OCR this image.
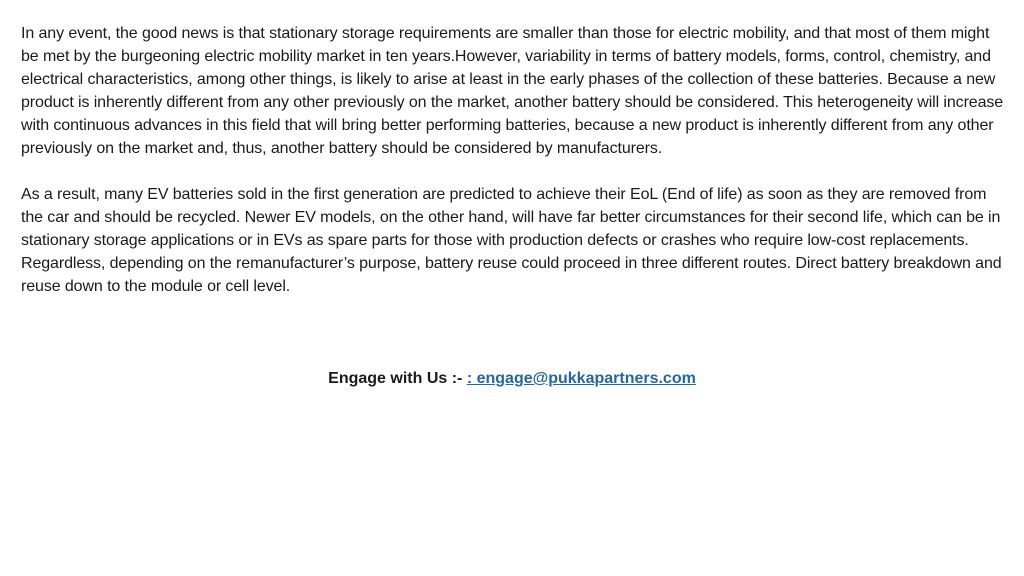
In any event, the good news is that stationary storage requirements are smaller than those for electric mobility, and that most of them might be met by the burgeoning electric mobility market in ten years.However, variability in terms of battery models, forms, control, chemistry, and electrical characteristics, among other things, is likely to arise at least in the early phases of the collection of these batteries. Because a new product is inherently different from any other previously on the market, another battery should be considered. This heterogeneity will increase with continuous advances in this field that will bring better performing batteries, because a new product is inherently different from any other previously on the market and, thus, another battery should be considered by manufacturers.

As a result, many EV batteries sold in the first generation are predicted to achieve their EoL (End of life) as soon as they are removed from the car and should be recycled. Newer EV models, on the other hand, will have far better circumstances for their second life, which can be in stationary storage applications or in EVs as spare parts for those with production defects or crashes who require low-cost replacements. Regardless, depending on the remanufacturer’s purpose, battery reuse could proceed in three different routes. Direct battery breakdown and reuse down to the module or cell level.

Engage with Us :- : engage@pukkapartners.com
